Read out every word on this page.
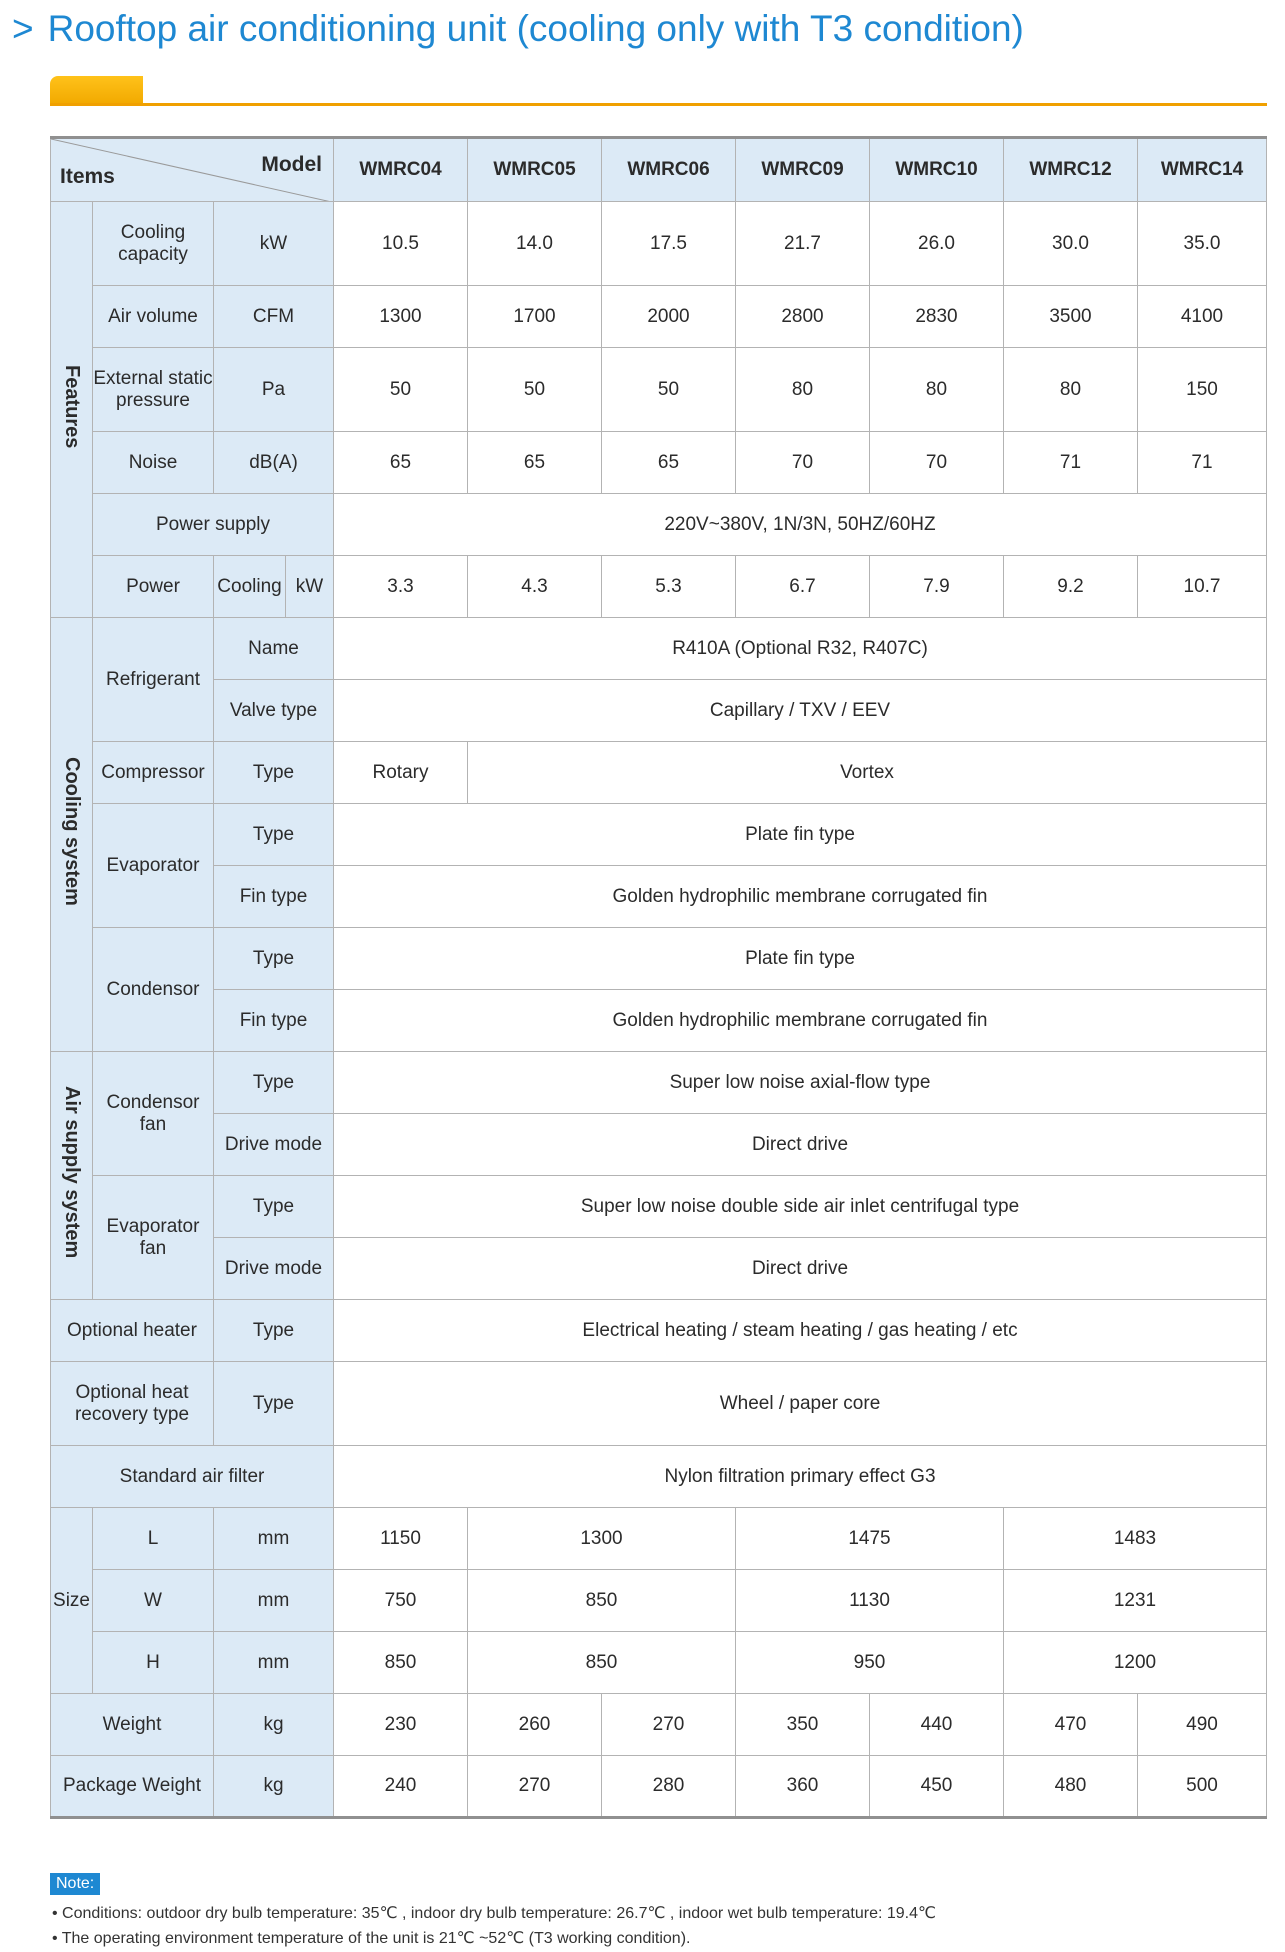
> Rooftop air conditioning unit (cooling only with T3 condition)
Items
Model				WMRC04	WMRC05	WMRC06	WMRC09	WMRC10	WMRC12	WMRC14
Features	Cooling capacity	kW		10.5	14.0	17.5	21.7	26.0	30.0	35.0
	Air volume	CFM		1300	1700	2000	2800	2830	3500	4100
	External static pressure	Pa		50	50	50	80	80	80	150
	Noise	dB(A)		65	65	65	70	70	71	71
	Power supply			220V~380V, 1N/3N, 50HZ/60HZ						
	Power	Cooling	kW	3.3	4.3	5.3	6.7	7.9	9.2	10.7
Cooling system	Refrigerant	Name		R410A (Optional R32, R407C)						
		Valve type		Capillary / TXV / EEV						
	Compressor	Type		Rotary	Vortex					
	Evaporator	Type		Plate fin type						
		Fin type		Golden hydrophilic membrane corrugated fin						
	Condensor	Type		Plate fin type						
		Fin type		Golden hydrophilic membrane corrugated fin						
Air supply system	Condensor fan	Type		Super low noise axial-flow type						
		Drive mode		Direct drive						
	Evaporator fan	Type		Super low noise double side air inlet centrifugal type						
		Drive mode		Direct drive						
Optional heater		Type		Electrical heating / steam heating / gas heating / etc						
Optional heat recovery type		Type		Wheel / paper core						
Standard air filter				Nylon filtration primary effect G3						
Size	L	mm		1150	1300		1475		1483	
	W	mm		750	850		1130		1231	
	H	mm		850	850		950		1200	
Weight		kg		230	260	270	350	440	470	490
Package Weight		kg		240	270	280	360	450	480	500
Note:
• Conditions: outdoor dry bulb temperature: 35℃ , indoor dry bulb temperature: 26.7℃ , indoor wet bulb temperature: 19.4℃
• The operating environment temperature of the unit is 21℃ ~52℃ (T3 working condition).
